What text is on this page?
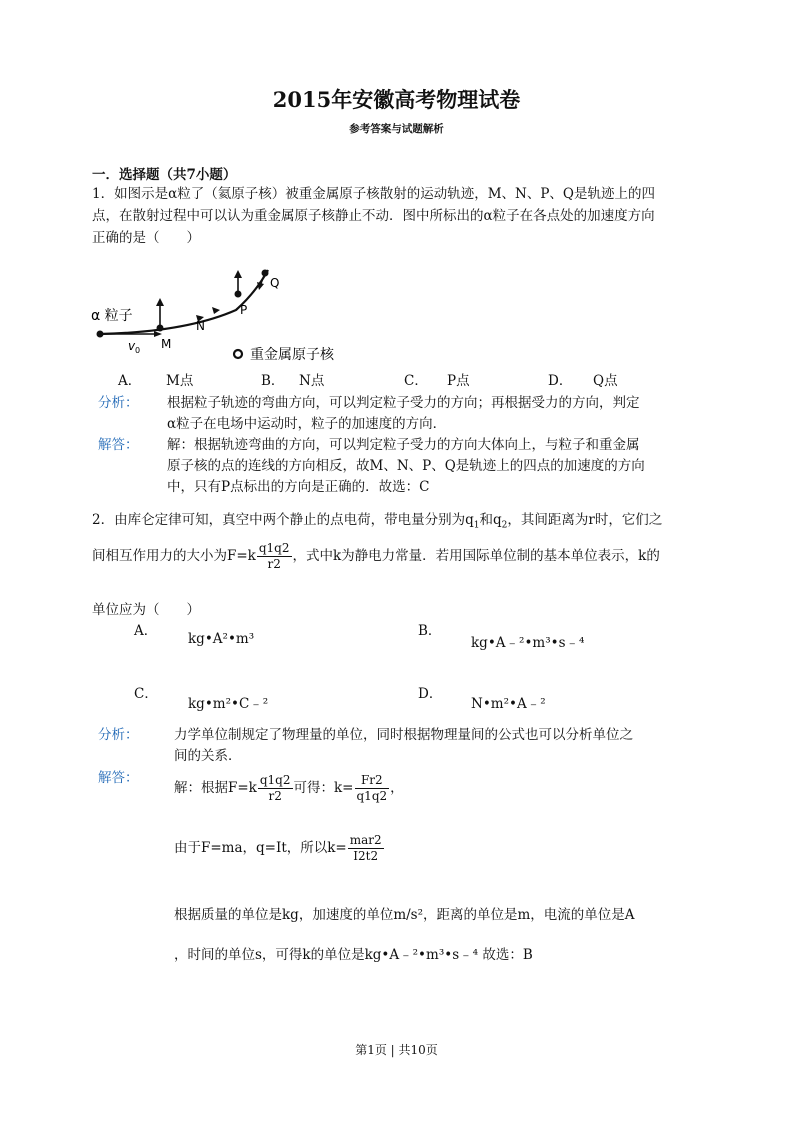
2015年安徽高考物理试卷
参考答案与试题解析
一．选择题（共7小题）
1．如图示是α粒了（氦原子核）被重金属原子核散射的运动轨迹，M、N、P、Q是轨迹上的四
点，在散射过程中可以认为重金属原子核静止不动．图中所标出的α粒子在各点处的加速度方向
正确的是（　　）
α 粒子
v 0 M
N
P
Q
重金属原子核
A． M点	B． N点	C． P点	D． Q点
分析： 根据粒子轨迹的弯曲方向，可以判定粒子受力的方向；再根据受力的方向，判定
α粒子在电场中运动时，粒子的加速度的方向．
解答： 解：根据轨迹弯曲的方向，可以判定粒子受力的方向大体向上，与粒子和重金属
原子核的点的连线的方向相反，故M、N、P、Q是轨迹上的四点的加速度的方向
中，只有P点标出的方向是正确的．故选：C
2．由库仑定律可知，真空中两个静止的点电荷，带电量分别为$q_1$和$q_2$，其间距离为r时，它们之
间相互作用力的大小为$F=k \frac{q1q2}{r2}$ ，式中k为静电力常量．若用国际单位制的基本单位表示，k的
单位应为（　　）
A． kg•A²•m³	B．
kg•A﹣²•m³•s﹣⁴
C．
kg•m²•C﹣²
D．
N•m²•A﹣²
分析：	力学单位制规定了物理量的单位，同时根据物理量间的公式也可以分析单位之
间的关系．
解答：
解：根据$F=k \frac{q1q2}{r2}$ 可得：$k= \frac{Fr2}{q1q2}$ ，
由于F=ma，q=It，所以$k= \frac{\text{mar2}}{I2t2}$
根据质量的单位是kg，加速度的单位m/s²，距离的单位是m，电流的单位是A
，时间的单位s，可得k的单位是kg•A﹣²•m³•s﹣⁴ 故选：B
第1页 | 共10页
